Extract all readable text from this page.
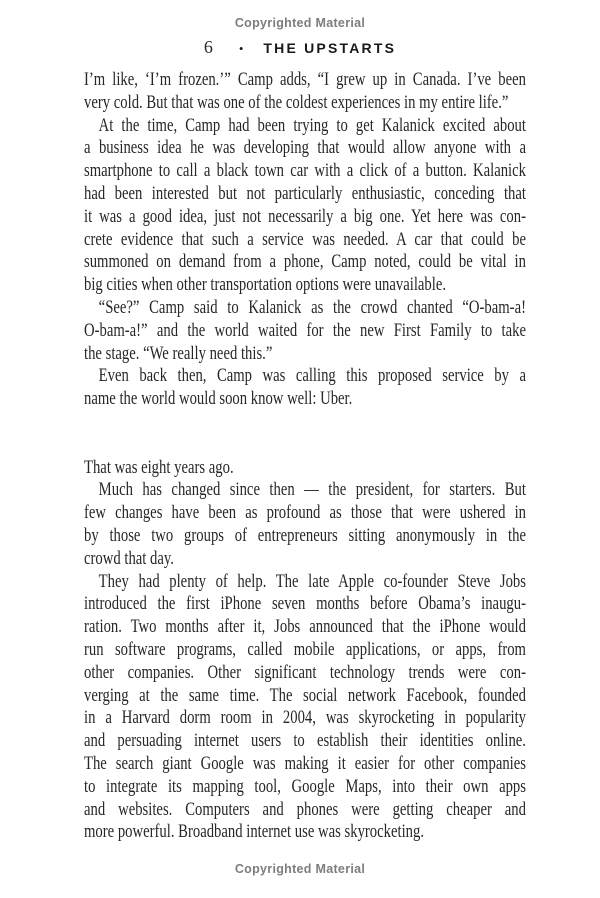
Copyrighted Material
6 • THE UPSTARTS
I’m like, ‘I’m frozen.’” Camp adds, “I grew up in Canada. I’ve been
very cold. But that was one of the coldest experiences in my entire life.”
At the time, Camp had been trying to get Kalanick excited about
a business idea he was developing that would allow anyone with a
smartphone to call a black town car with a click of a button. Kalanick
had been interested but not particularly enthusiastic, conceding that
it was a good idea, just not necessarily a big one. Yet here was con-
crete evidence that such a service was needed. A car that could be
summoned on demand from a phone, Camp noted, could be vital in
big cities when other transportation options were unavailable.
“See?” Camp said to Kalanick as the crowd chanted “O-bam-a!
O-bam-a!” and the world waited for the new First Family to take
the stage. “We really need this.”
Even back then, Camp was calling this proposed service by a
name the world would soon know well: Uber.
That was eight years ago.
Much has changed since then — the president, for starters. But
few changes have been as profound as those that were ushered in
by those two groups of entrepreneurs sitting anonymously in the
crowd that day.
They had plenty of help. The late Apple co-founder Steve Jobs
introduced the first iPhone seven months before Obama’s inaugu-
ration. Two months after it, Jobs announced that the iPhone would
run software programs, called mobile applications, or apps, from
other companies. Other significant technology trends were con-
verging at the same time. The social network Facebook, founded
in a Harvard dorm room in 2004, was skyrocketing in popularity
and persuading internet users to establish their identities online.
The search giant Google was making it easier for other companies
to integrate its mapping tool, Google Maps, into their own apps
and websites. Computers and phones were getting cheaper and
more powerful. Broadband internet use was skyrocketing.
Copyrighted Material
